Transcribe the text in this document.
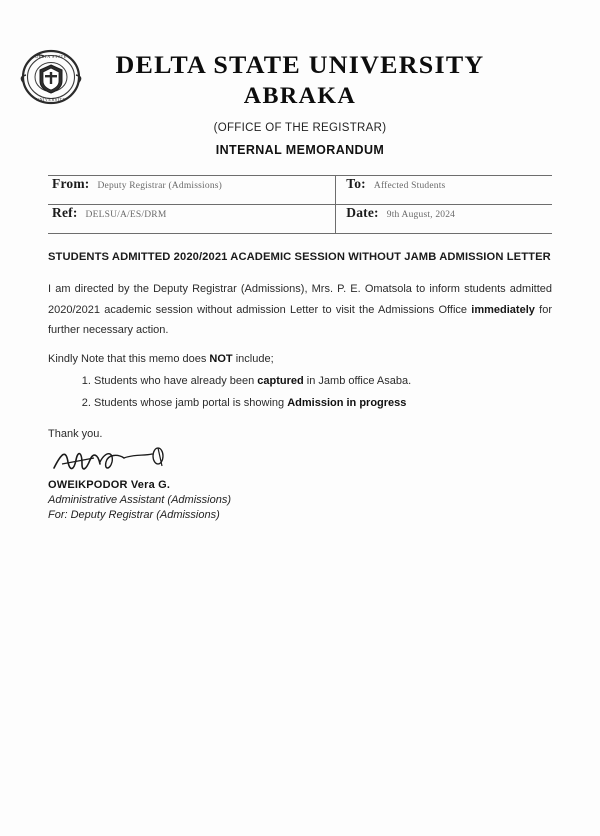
DELTA STATE
UNIVERSITY
DELTA STATE UNIVERSITY
ABRAKA
(OFFICE OF THE REGISTRAR)
INTERNAL MEMORANDUM
From: Deputy Registrar (Admissions)	To: Affected Students
Ref: DELSU/A/ES/DRM	Date: 9th August, 2024
STUDENTS ADMITTED 2020/2021 ACADEMIC SESSION WITHOUT JAMB ADMISSION LETTER
I am directed by the Deputy Registrar (Admissions), Mrs. P. E. Omatsola to inform students admitted 2020/2021 academic session without admission Letter to visit the Admissions Office immediately for further necessary action.
Kindly Note that this memo does NOT include;
1. Students who have already been captured in Jamb office Asaba.
2. Students whose jamb portal is showing Admission in progress
Thank you.
OWEIKPODOR Vera G.
Administrative Assistant (Admissions)
For: Deputy Registrar (Admissions)
